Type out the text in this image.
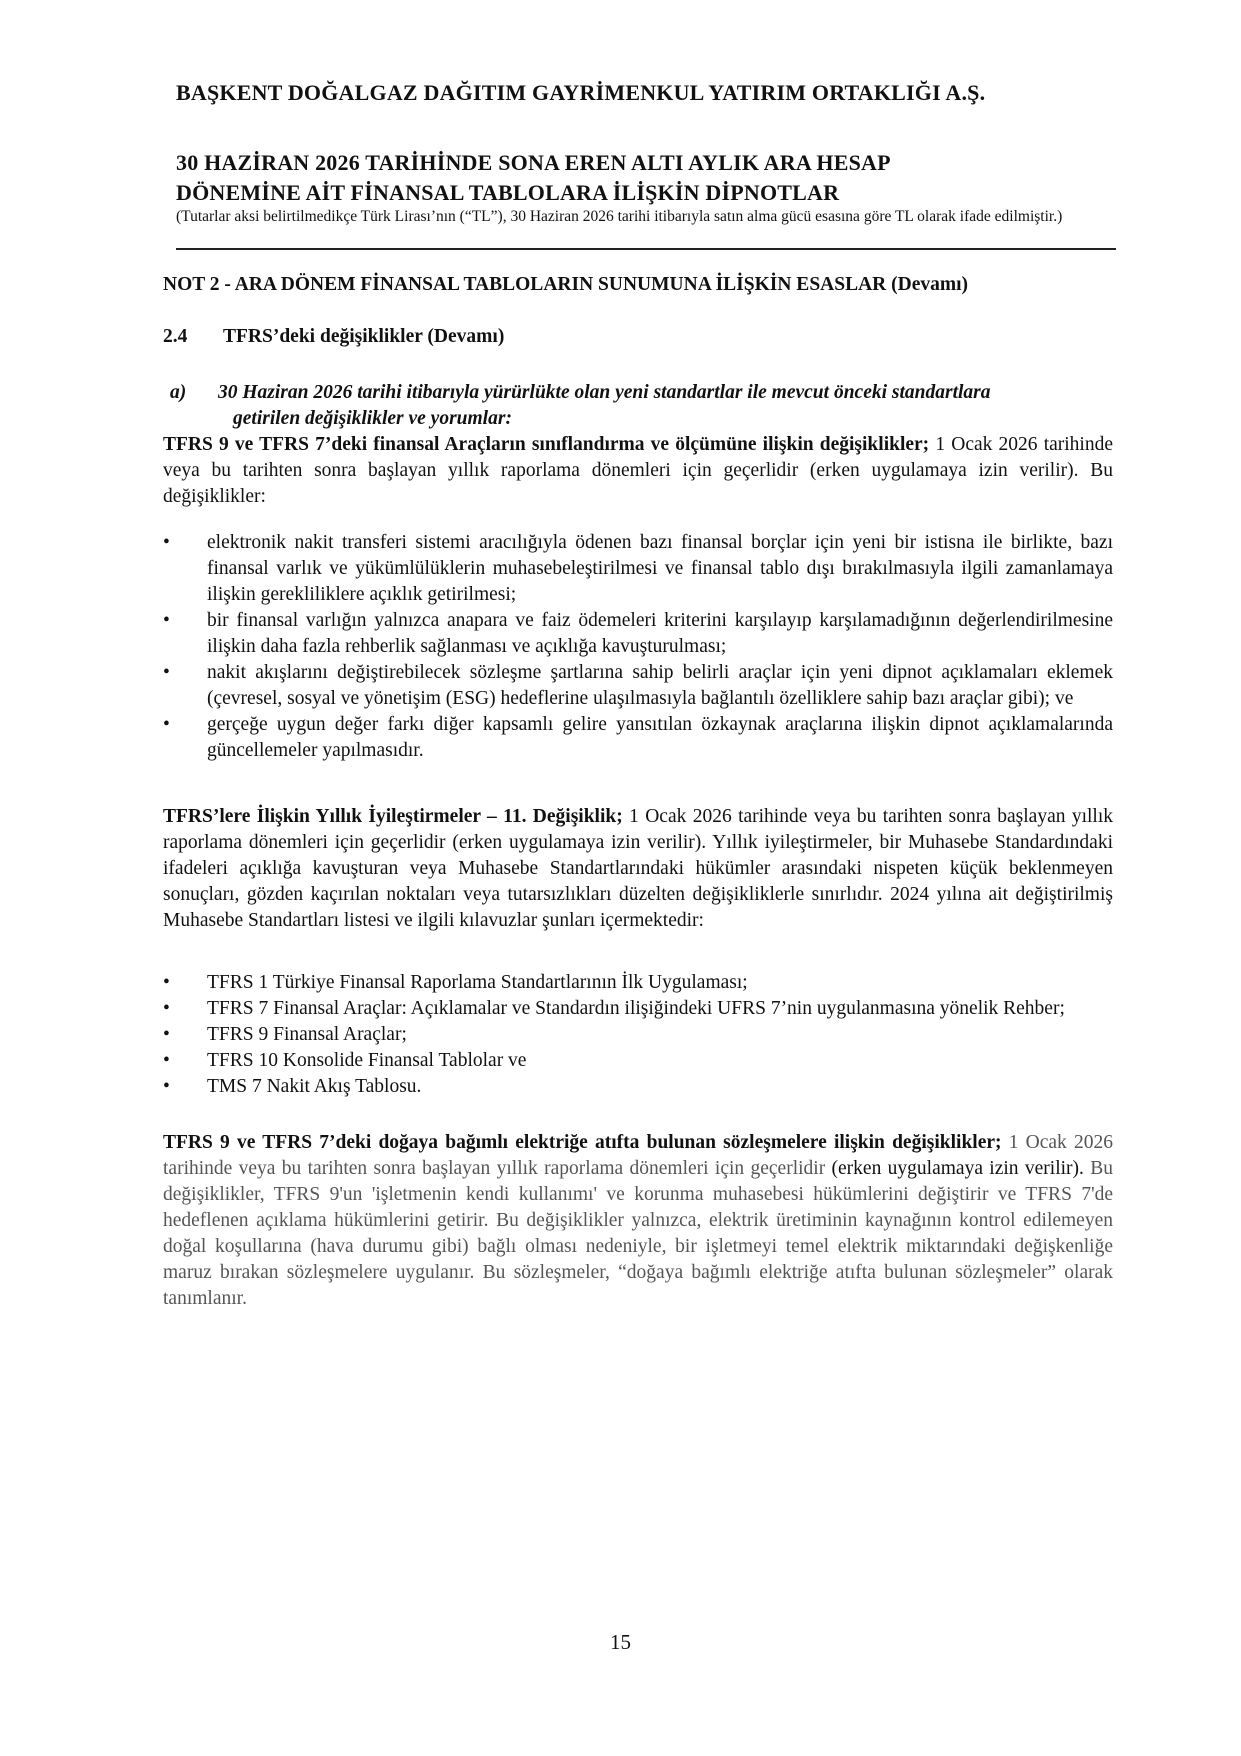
BAŞKENT DOĞALGAZ DAĞITIM GAYRİMENKUL YATIRIM ORTAKLIĞI A.Ş.
30 HAZİRAN 2026 TARİHİNDE SONA EREN ALTI AYLIK ARA HESAP
DÖNEMİNE AİT FİNANSAL TABLOLARA İLİŞKİN DİPNOTLAR
(Tutarlar aksi belirtilmedikçe Türk Lirası’nın (“TL”), 30 Haziran 2026 tarihi itibarıyla satın alma gücü esasına göre TL olarak ifade edilmiştir.)
NOT 2 - ARA DÖNEM FİNANSAL TABLOLARIN SUNUMUNA İLİŞKİN ESASLAR (Devamı)
2.4 TFRS’deki değişiklikler (Devamı)
a) 30 Haziran 2026 tarihi itibarıyla yürürlükte olan yeni standartlar ile mevcut önceki standartlara
getirilen değişiklikler ve yorumlar:
TFRS 9 ve TFRS 7’deki finansal Araçların sınıflandırma ve ölçümüne ilişkin değişiklikler; 1 Ocak 2026 tarihinde veya bu tarihten sonra başlayan yıllık raporlama dönemleri için geçerlidir (erken uygulamaya izin verilir). Bu değişiklikler:
• elektronik nakit transferi sistemi aracılığıyla ödenen bazı finansal borçlar için yeni bir istisna ile birlikte, bazı finansal varlık ve yükümlülüklerin muhasebeleştirilmesi ve finansal tablo dışı bırakılmasıyla ilgili zamanlamaya ilişkin gerekliliklere açıklık getirilmesi;
• bir finansal varlığın yalnızca anapara ve faiz ödemeleri kriterini karşılayıp karşılamadığının değerlendirilmesine ilişkin daha fazla rehberlik sağlanması ve açıklığa kavuşturulması;
• nakit akışlarını değiştirebilecek sözleşme şartlarına sahip belirli araçlar için yeni dipnot açıklamaları eklemek (çevresel, sosyal ve yönetişim (ESG) hedeflerine ulaşılmasıyla bağlantılı özelliklere sahip bazı araçlar gibi); ve
• gerçeğe uygun değer farkı diğer kapsamlı gelire yansıtılan özkaynak araçlarına ilişkin dipnot açıklamalarında güncellemeler yapılmasıdır.
TFRS’lere İlişkin Yıllık İyileştirmeler – 11. Değişiklik; 1 Ocak 2026 tarihinde veya bu tarihten sonra başlayan yıllık raporlama dönemleri için geçerlidir (erken uygulamaya izin verilir). Yıllık iyileştirmeler, bir Muhasebe Standardındaki ifadeleri açıklığa kavuşturan veya Muhasebe Standartlarındaki hükümler arasındaki nispeten küçük beklenmeyen sonuçları, gözden kaçırılan noktaları veya tutarsızlıkları düzelten değişikliklerle sınırlıdır. 2024 yılına ait değiştirilmiş Muhasebe Standartları listesi ve ilgili kılavuzlar şunları içermektedir:
• TFRS 1 Türkiye Finansal Raporlama Standartlarının İlk Uygulaması;
• TFRS 7 Finansal Araçlar: Açıklamalar ve Standardın ilişiğindeki UFRS 7’nin uygulanmasına yönelik Rehber;
• TFRS 9 Finansal Araçlar;
• TFRS 10 Konsolide Finansal Tablolar ve
• TMS 7 Nakit Akış Tablosu.
TFRS 9 ve TFRS 7’deki doğaya bağımlı elektriğe atıfta bulunan sözleşmelere ilişkin değişiklikler; 1 Ocak 2026 tarihinde veya bu tarihten sonra başlayan yıllık raporlama dönemleri için geçerlidir (erken uygulamaya izin verilir). Bu değişiklikler, TFRS 9'un 'işletmenin kendi kullanımı' ve korunma muhasebesi hükümlerini değiştirir ve TFRS 7'de hedeflenen açıklama hükümlerini getirir. Bu değişiklikler yalnızca, elektrik üretiminin kaynağının kontrol edilemeyen doğal koşullarına (hava durumu gibi) bağlı olması nedeniyle, bir işletmeyi temel elektrik miktarındaki değişkenliğe maruz bırakan sözleşmelere uygulanır. Bu sözleşmeler, “doğaya bağımlı elektriğe atıfta bulunan sözleşmeler” olarak tanımlanır.
15
